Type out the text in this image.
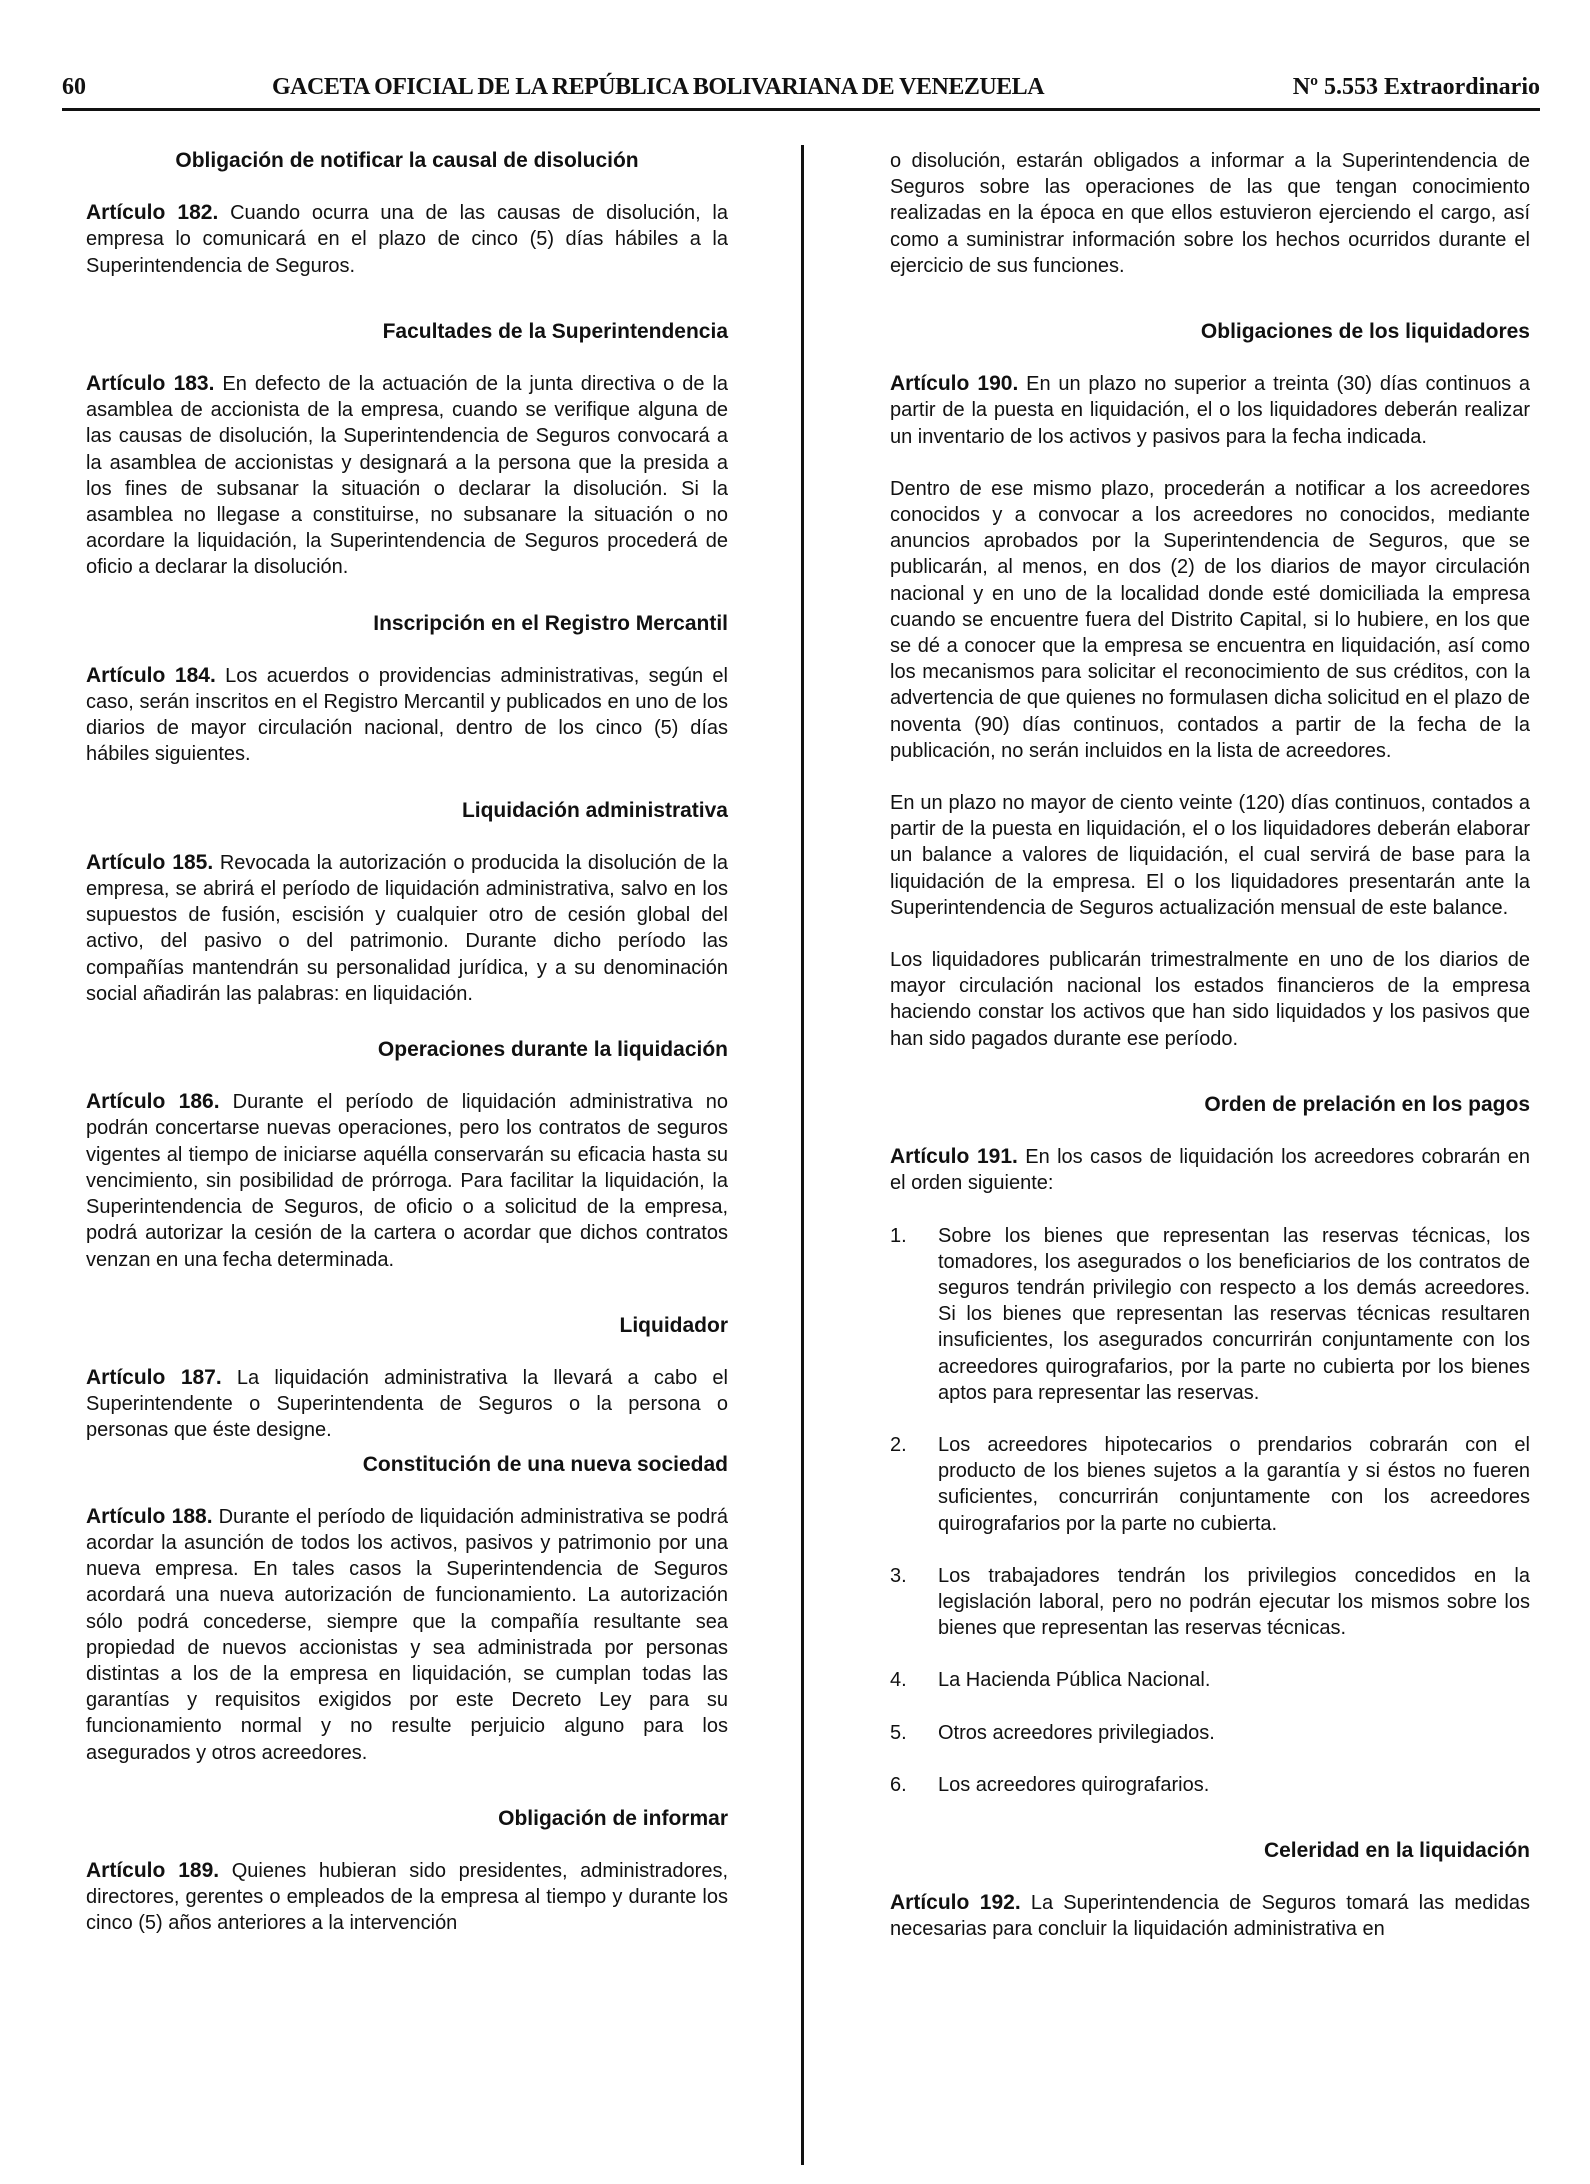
60	GACETA OFICIAL DE LA REPÚBLICA BOLIVARIANA DE VENEZUELA	Nº 5.553 Extraordinario
Obligación de notificar la causal de disolución

Artículo 182. Cuando ocurra una de las causas de disolución, la empresa lo comunicará en el plazo de cinco (5) días hábiles a la Superintendencia de Seguros.

Facultades de la Superintendencia

Artículo 183. En defecto de la actuación de la junta directiva o de la asamblea de accionista de la empresa, cuando se verifique alguna de las causas de disolución, la Superintendencia de Seguros convocará a la asamblea de accionistas y designará a la persona que la presida a los fines de subsanar la situación o declarar la disolución. Si la asamblea no llegase a constituirse, no subsanare la situación o no acordare la liquidación, la Superintendencia de Seguros procederá de oficio a declarar la disolución.

Inscripción en el Registro Mercantil

Artículo 184. Los acuerdos o providencias administrativas, según el caso, serán inscritos en el Registro Mercantil y publicados en uno de los diarios de mayor circulación nacional, dentro de los cinco (5) días hábiles siguientes.

Liquidación administrativa

Artículo 185. Revocada la autorización o producida la disolución de la empresa, se abrirá el período de liquidación administrativa, salvo en los supuestos de fusión, escisión y cualquier otro de cesión global del activo, del pasivo o del patrimonio. Durante dicho período las compañías mantendrán su personalidad jurídica, y a su denominación social añadirán las palabras: en liquidación.

Operaciones durante la liquidación

Artículo 186. Durante el período de liquidación administrativa no podrán concertarse nuevas operaciones, pero los contratos de seguros vigentes al tiempo de iniciarse aquélla conservarán su eficacia hasta su vencimiento, sin posibilidad de prórroga. Para facilitar la liquidación, la Superintendencia de Seguros, de oficio o a solicitud de la empresa, podrá autorizar la cesión de la cartera o acordar que dichos contratos venzan en una fecha determinada.

Liquidador

Artículo 187. La liquidación administrativa la llevará a cabo el Superintendente o Superintendenta de Seguros o la persona o personas que éste designe.

Constitución de una nueva sociedad

Artículo 188. Durante el período de liquidación administrativa se podrá acordar la asunción de todos los activos, pasivos y patrimonio por una nueva empresa. En tales casos la Superintendencia de Seguros acordará una nueva autorización de funcionamiento. La autorización sólo podrá concederse, siempre que la compañía resultante sea propiedad de nuevos accionistas y sea administrada por personas distintas a los de la empresa en liquidación, se cumplan todas las garantías y requisitos exigidos por este Decreto Ley para su funcionamiento normal y no resulte perjuicio alguno para los asegurados y otros acreedores.

Obligación de informar

Artículo 189. Quienes hubieran sido presidentes, administradores, directores, gerentes o empleados de la empresa al tiempo y durante los cinco (5) años anteriores a la intervención

o disolución, estarán obligados a informar a la Superintendencia de Seguros sobre las operaciones de las que tengan conocimiento realizadas en la época en que ellos estuvieron ejerciendo el cargo, así como a suministrar información sobre los hechos ocurridos durante el ejercicio de sus funciones.

Obligaciones de los liquidadores

Artículo 190. En un plazo no superior a treinta (30) días continuos a partir de la puesta en liquidación, el o los liquidadores deberán realizar un inventario de los activos y pasivos para la fecha indicada.

Dentro de ese mismo plazo, procederán a notificar a los acreedores conocidos y a convocar a los acreedores no conocidos, mediante anuncios aprobados por la Superintendencia de Seguros, que se publicarán, al menos, en dos (2) de los diarios de mayor circulación nacional y en uno de la localidad donde esté domiciliada la empresa cuando se encuentre fuera del Distrito Capital, si lo hubiere, en los que se dé a conocer que la empresa se encuentra en liquidación, así como los mecanismos para solicitar el reconocimiento de sus créditos, con la advertencia de que quienes no formulasen dicha solicitud en el plazo de noventa (90) días continuos, contados a partir de la fecha de la publicación, no serán incluidos en la lista de acreedores.

En un plazo no mayor de ciento veinte (120) días continuos, contados a partir de la puesta en liquidación, el o los liquidadores deberán elaborar un balance a valores de liquidación, el cual servirá de base para la liquidación de la empresa. El o los liquidadores presentarán ante la Superintendencia de Seguros actualización mensual de este balance.

Los liquidadores publicarán trimestralmente en uno de los diarios de mayor circulación nacional los estados financieros de la empresa haciendo constar los activos que han sido liquidados y los pasivos que han sido pagados durante ese período.

Orden de prelación en los pagos

Artículo 191. En los casos de liquidación los acreedores cobrarán en el orden siguiente:

1. Sobre los bienes que representan las reservas técnicas, los tomadores, los asegurados o los beneficiarios de los contratos de seguros tendrán privilegio con respecto a los demás acreedores. Si los bienes que representan las reservas técnicas resultaren insuficientes, los asegurados concurrirán conjuntamente con los acreedores quirografarios, por la parte no cubierta por los bienes aptos para representar las reservas.
2. Los acreedores hipotecarios o prendarios cobrarán con el producto de los bienes sujetos a la garantía y si éstos no fueren suficientes, concurrirán conjuntamente con los acreedores quirografarios por la parte no cubierta.
3. Los trabajadores tendrán los privilegios concedidos en la legislación laboral, pero no podrán ejecutar los mismos sobre los bienes que representan las reservas técnicas.
4. La Hacienda Pública Nacional.
5. Otros acreedores privilegiados.
6. Los acreedores quirografarios.
Celeridad en la liquidación

Artículo 192. La Superintendencia de Seguros tomará las medidas necesarias para concluir la liquidación administrativa en
